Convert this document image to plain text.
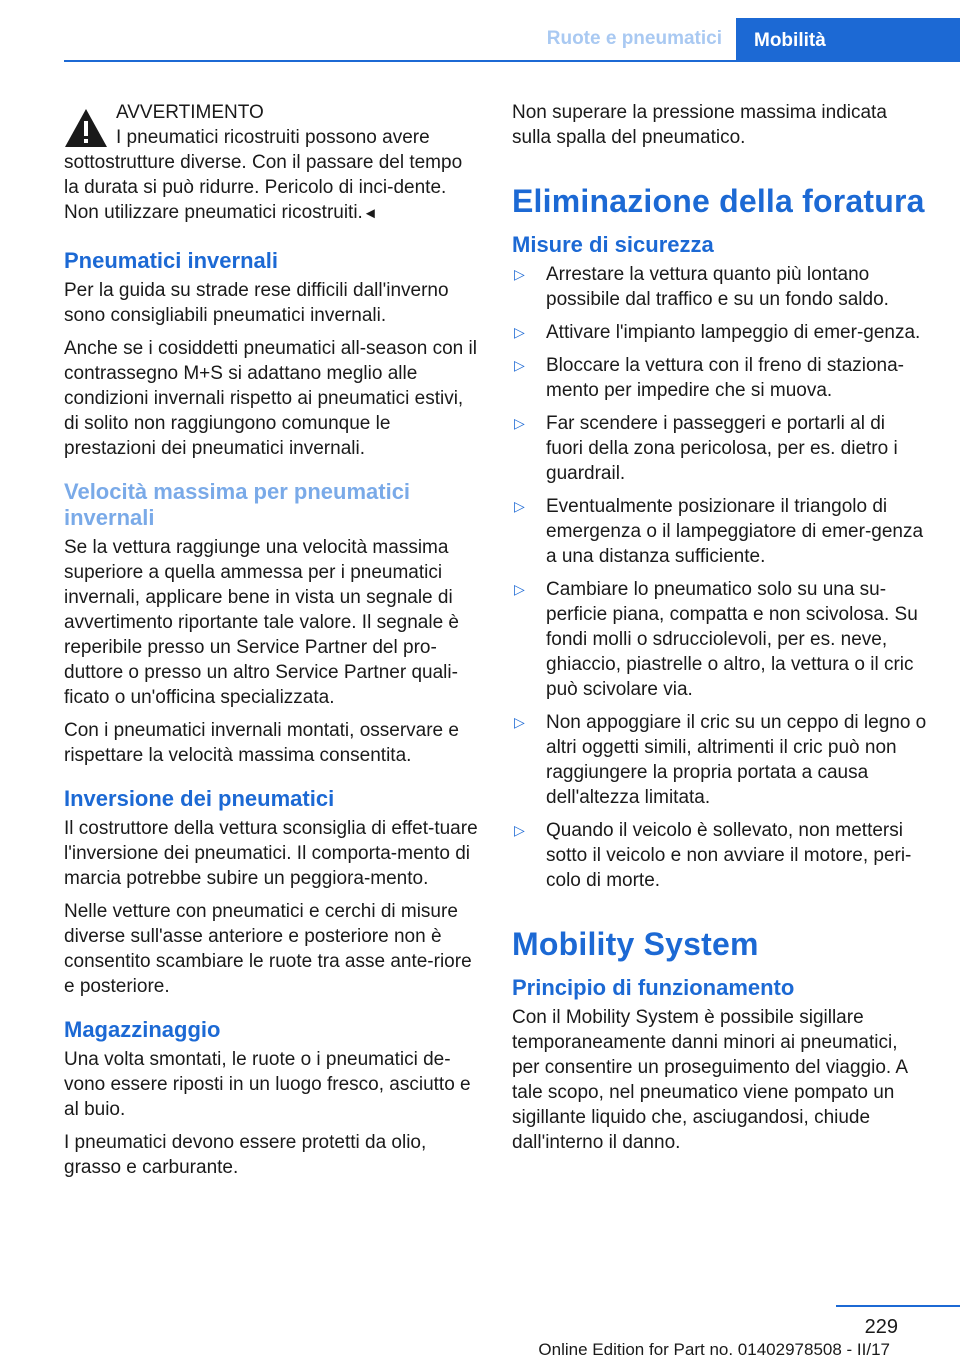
Ruote e pneumatici	Mobilità
AVVERTIMENTO
I pneumatici ricostruiti possono avere sottostrutture diverse. Con il passare del tempo la durata si può ridurre. Pericolo di inci‐dente. Non utilizzare pneumatici ricostruiti.◄
Pneumatici invernali

Per la guida su strade rese difficili dall'inverno sono consigliabili pneumatici invernali.

Anche se i cosiddetti pneumatici all-season con il contrassegno M+S si adattano meglio alle condizioni invernali rispetto ai pneumatici estivi, di solito non raggiungono comunque le prestazioni dei pneumatici invernali.

Velocità massima per pneumatici invernali

Se la vettura raggiunge una velocità massima superiore a quella ammessa per i pneumatici invernali, applicare bene in vista un segnale di avvertimento riportante tale valore. Il segnale è reperibile presso un Service Partner del pro‐duttore o presso un altro Service Partner quali‐ficato o un'officina specializzata.

Con i pneumatici invernali montati, osservare e rispettare la velocità massima consentita.

Inversione dei pneumatici

Il costruttore della vettura sconsiglia di effet‐tuare l'inversione dei pneumatici. Il comporta‐mento di marcia potrebbe subire un peggiora‐mento.

Nelle vetture con pneumatici e cerchi di misure diverse sull'asse anteriore e posteriore non è consentito scambiare le ruote tra asse ante‐riore e posteriore.

Magazzinaggio

Una volta smontati, le ruote o i pneumatici de‐vono essere riposti in un luogo fresco, asciutto e al buio.

I pneumatici devono essere protetti da olio, grasso e carburante.

Non superare la pressione massima indicata sulla spalla del pneumatico.

Eliminazione della foratura
Misure di sicurezza
▷ Arrestare la vettura quanto più lontano possibile dal traffico e su un fondo saldo.
▷ Attivare l'impianto lampeggio di emer‐genza.
▷ Bloccare la vettura con il freno di staziona‐mento per impedire che si muova.
▷ Far scendere i passeggeri e portarli al di fuori della zona pericolosa, per es. dietro i guardrail.
▷ Eventualmente posizionare il triangolo di emergenza o il lampeggiatore di emer‐genza a una distanza sufficiente.
▷ Cambiare lo pneumatico solo su una su‐perficie piana, compatta e non scivolosa. Su fondi molli o sdrucciolevoli, per es. neve, ghiaccio, piastrelle o altro, la vettura o il cric può scivolare via.
▷ Non appoggiare il cric su un ceppo di legno o altri oggetti simili, altrimenti il cric può non raggiungere la propria portata a causa dell'altezza limitata.
▷ Quando il veicolo è sollevato, non mettersi sotto il veicolo e non avviare il motore, peri‐colo di morte.
Mobility System
Principio di funzionamento

Con il Mobility System è possibile sigillare temporaneamente danni minori ai pneumatici, per consentire un proseguimento del viaggio. A tale scopo, nel pneumatico viene pompato un sigillante liquido che, asciugandosi, chiude dall'interno il danno.

229
Online Edition for Part no. 01402978508 - II/17
